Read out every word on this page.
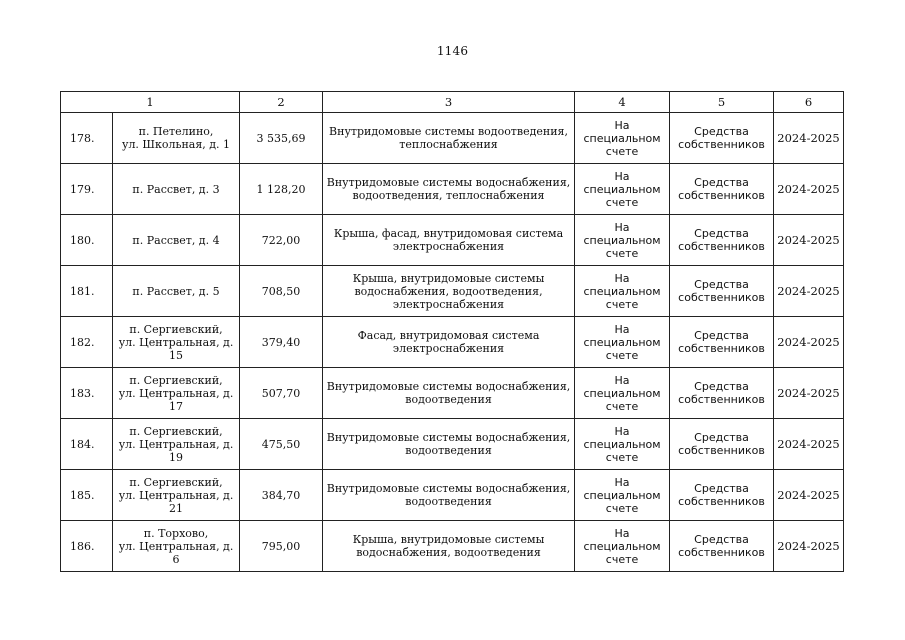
1146
1		2	3	4	5	6
178.	п. Петелино,
ул. Школьная, д. 1	3 535,69	Внутридомовые системы водоотведения,
теплоснабжения	На
специальном
счете	Средства
собственников	2024-2025
179.	п. Рассвет, д. 3	1 128,20	Внутридомовые системы водоснабжения,
водоотведения, теплоснабжения	На
специальном
счете	Средства
собственников	2024-2025
180.	п. Рассвет, д. 4	722,00	Крыша, фасад, внутридомовая система
электроснабжения	На
специальном
счете	Средства
собственников	2024-2025
181.	п. Рассвет, д. 5	708,50	Крыша, внутридомовые системы
водоснабжения, водоотведения,
электроснабжения	На
специальном
счете	Средства
собственников	2024-2025
182.	п. Сергиевский,
ул. Центральная, д. 15	379,40	Фасад, внутридомовая система
электроснабжения	На
специальном
счете	Средства
собственников	2024-2025
183.	п. Сергиевский,
ул. Центральная, д. 17	507,70	Внутридомовые системы водоснабжения,
водоотведения	На
специальном
счете	Средства
собственников	2024-2025
184.	п. Сергиевский,
ул. Центральная, д. 19	475,50	Внутридомовые системы водоснабжения,
водоотведения	На
специальном
счете	Средства
собственников	2024-2025
185.	п. Сергиевский,
ул. Центральная, д. 21	384,70	Внутридомовые системы водоснабжения,
водоотведения	На
специальном
счете	Средства
собственников	2024-2025
186.	п. Торхово,
ул. Центральная, д. 6	795,00	Крыша, внутридомовые системы
водоснабжения, водоотведения	На
специальном
счете	Средства
собственников	2024-2025
